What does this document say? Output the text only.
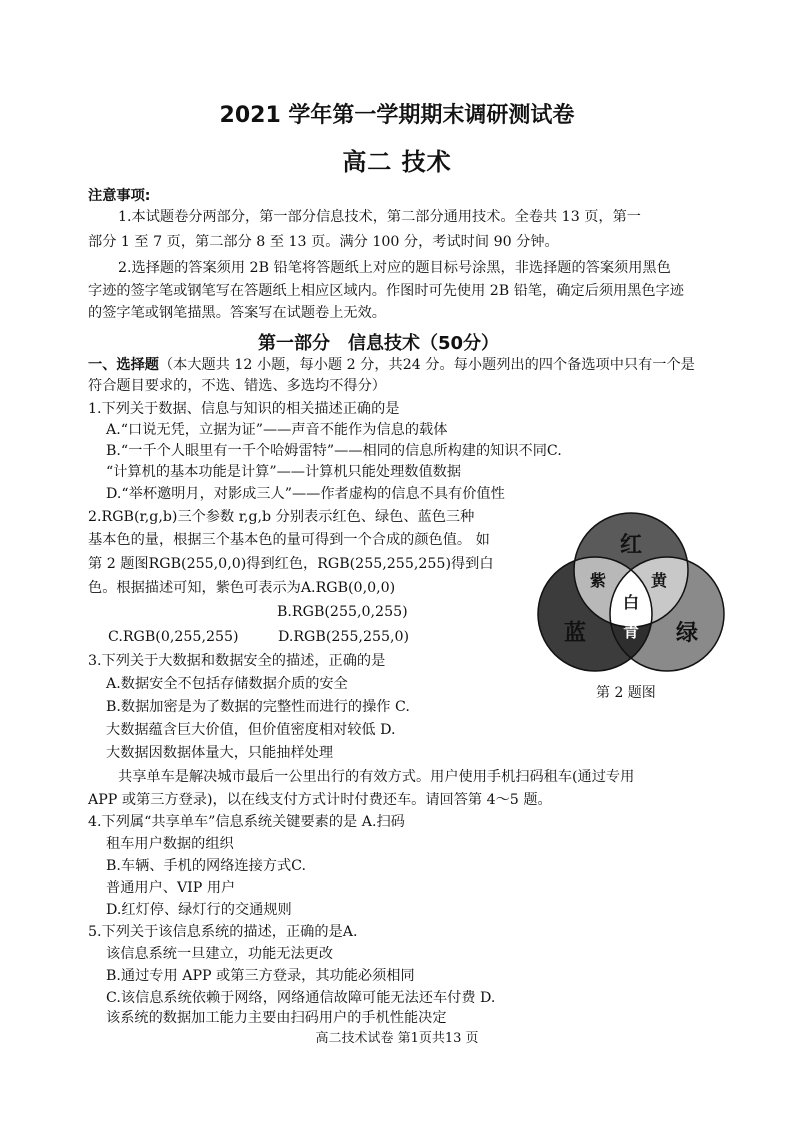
2021 学年第一学期期末调研测试卷
高二 技术
注意事项:
1.本试题卷分两部分，第一部分信息技术，第二部分通用技术。全卷共 13 页，第一
部分 1 至 7 页，第二部分 8 至 13 页。满分 100 分，考试时间 90 分钟。
2.选择题的答案须用 2B 铅笔将答题纸上对应的题目标号涂黑，非选择题的答案须用黑色
字迹的签字笔或钢笔写在答题纸上相应区域内。作图时可先使用 2B 铅笔，确定后须用黑色字迹
的签字笔或钢笔描黑。答案写在试题卷上无效。
第一部分　信息技术（50分）
一、选择题（本大题共 12 小题，每小题 2 分，共24 分。每小题列出的四个备选项中只有一个是
符合题目要求的，不选、错选、多选均不得分）
1.下列关于数据、信息与知识的相关描述正确的是
A.“口说无凭，立据为证”——声音不能作为信息的载体
B.“一千个人眼里有一千个哈姆雷特”——相同的信息所构建的知识不同C.
“计算机的基本功能是计算”——计算机只能处理数值数据
D.“举杯邀明月，对影成三人”——作者虚构的信息不具有价值性
2.RGB(r,g,b)三个参数 r,g,b 分别表示红色、绿色、蓝色三种
基本色的量，根据三个基本色的量可得到一个合成的颜色值。 如
第 2 题图RGB(255,0,0)得到红色，RGB(255,255,255)得到白
色。根据描述可知，紫色可表示为A.RGB(0,0,0)
B.RGB(255,0,255)
C.RGB(0,255,255)	D.RGB(255,255,0)
红
蓝	绿
紫	黄
白
青
第 2 题图
3.下列关于大数据和数据安全的描述，正确的是
A.数据安全不包括存储数据介质的安全
B.数据加密是为了数据的完整性而进行的操作 C.
大数据蕴含巨大价值，但价值密度相对较低 D.
大数据因数据体量大，只能抽样处理
共享单车是解决城市最后一公里出行的有效方式。用户使用手机扫码租车(通过专用
APP 或第三方登录)，以在线支付方式计时付费还车。请回答第 4～5 题。
4.下列属“共享单车”信息系统关键要素的是 A.扫码
租车用户数据的组织
B.车辆、手机的网络连接方式C.
普通用户、VIP 用户
D.红灯停、绿灯行的交通规则
5.下列关于该信息系统的描述，正确的是A.
该信息系统一旦建立，功能无法更改
B.通过专用 APP 或第三方登录，其功能必须相同
C.该信息系统依赖于网络，网络通信故障可能无法还车付费 D.
该系统的数据加工能力主要由扫码用户的手机性能决定
高二技术试卷 第1页共13 页
